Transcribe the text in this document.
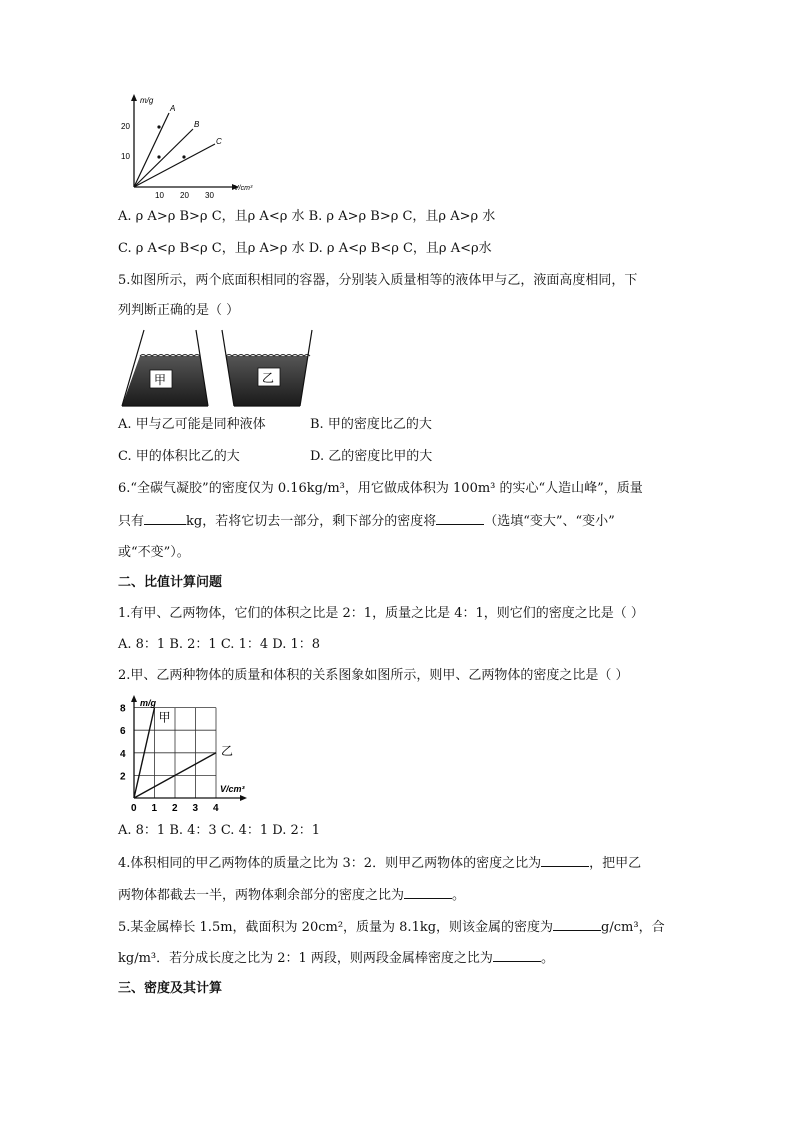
m/g
V/cm³
20
10
10 20 30
A
B
C
A. ρ A>ρ B>ρ C，且ρ A<ρ 水 B. ρ A>ρ B>ρ C，且ρ A>ρ 水
C. ρ A<ρ B<ρ C，且ρ A>ρ 水 D. ρ A<ρ B<ρ C，且ρ A<ρ水
5.如图所示，两个底面积相同的容器，分别装入质量相等的液体甲与乙，液面高度相同，下
列判断正确的是（ ）
甲	乙
A. 甲与乙可能是同种液体	B. 甲的密度比乙的大
C. 甲的体积比乙的大	D. 乙的密度比甲的大
6.“全碳气凝胶”的密度仅为 0.16kg/m³，用它做成体积为 100m³ 的实心“人造山峰”，质量
只有	kg，若将它切去一部分，剩下部分的密度将	（选填“变大”、“变小”
或“不变”）。
二、比值计算问题
1.有甲、乙两物体，它们的体积之比是 2：1，质量之比是 4：1，则它们的密度之比是（ ）
A. 8：1 B. 2：1 C. 1：4 D. 1：8
2.甲、乙两种物体的质量和体积的关系图象如图所示，则甲、乙两物体的密度之比是（ ）
m/g
V/cm³
8
6
4
2
0 1 2 3 4
甲
乙
A. 8：1 B. 4：3 C. 4：1 D. 2：1
4.体积相同的甲乙两物体的质量之比为 3：2．则甲乙两物体的密度之比为	，把甲乙
两物体都截去一半，两物体剩余部分的密度之比为	。
5.某金属棒长 1.5m，截面积为 20cm²，质量为 8.1kg，则该金属的密度为	g/cm³，合
kg/m³．若分成长度之比为 2：1 两段，则两段金属棒密度之比为	。
三、密度及其计算
